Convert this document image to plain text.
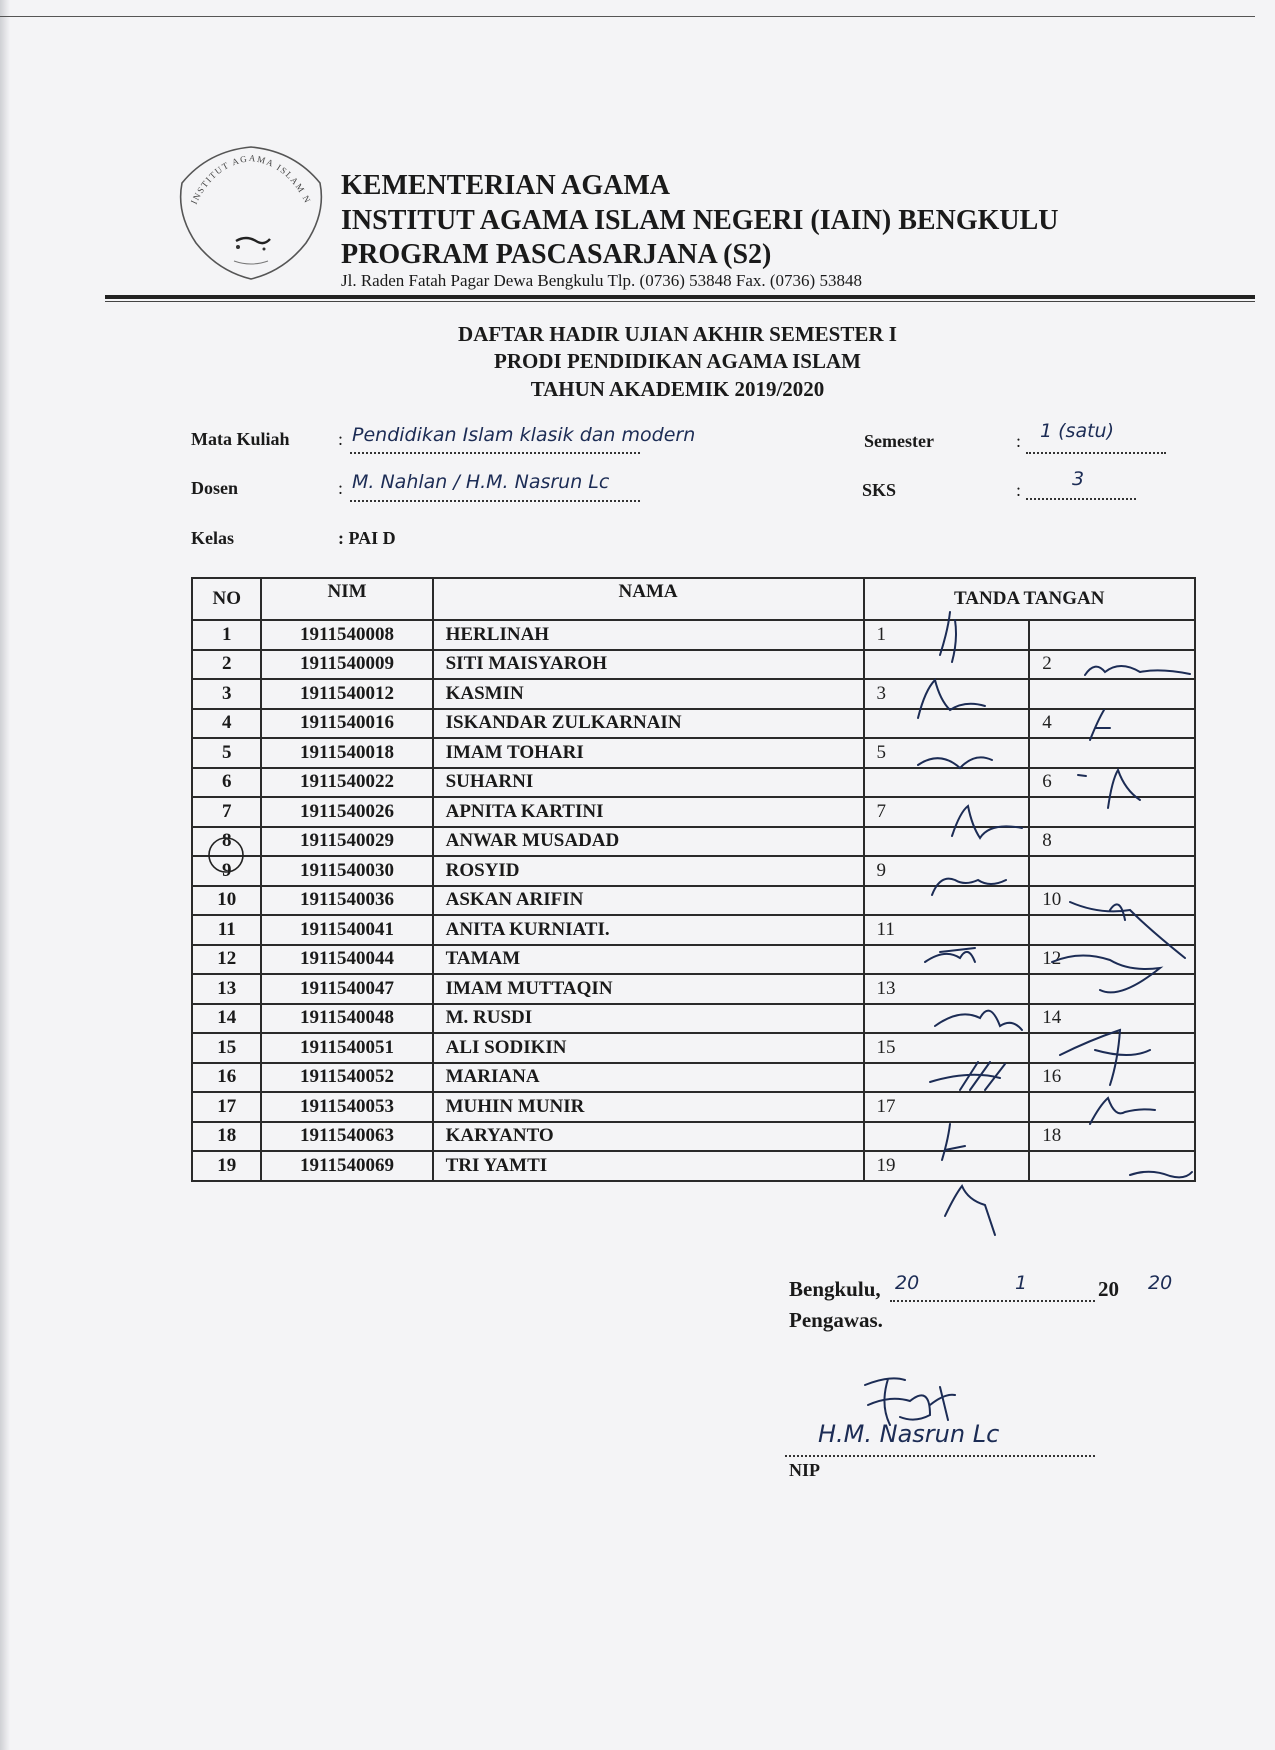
INSTITUT AGAMA ISLAM N KEMENTERIAN AGAMA
INSTITUT AGAMA ISLAM NEGERI (IAIN) BENGKULU
PROGRAM PASCASARJANA (S2)
Jl. Raden Fatah Pagar Dewa Bengkulu Tlp. (0736) 53848 Fax. (0736) 53848
DAFTAR HADIR UJIAN AKHIR SEMESTER I
PRODI PENDIDIKAN AGAMA ISLAM
TAHUN AKADEMIK 2019/2020
Mata Kuliah	: Pendidikan Islam klasik dan modern	Semester	: 1 (satu)
Dosen	: M. Nahlan / H.M. Nasrun Lc	SKS	:	3
Kelas	: PAI D
NO	NIM	NAMA	TANDA TANGAN	
1	1911540008	HERLINAH	1	
2	1911540009	SITI MAISYAROH		2
3	1911540012	KASMIN	3	
4	1911540016	ISKANDAR ZULKARNAIN		4
5	1911540018	IMAM TOHARI	5	
6	1911540022	SUHARNI		6
7	1911540026	APNITA KARTINI	7	
8	1911540029	ANWAR MUSADAD		8
9	1911540030	ROSYID	9	
10	1911540036	ASKAN ARIFIN		10
11	1911540041	ANITA KURNIATI.	11	
12	1911540044	TAMAM		12
13	1911540047	IMAM MUTTAQIN	13	
14	1911540048	M. RUSDI		14
15	1911540051	ALI SODIKIN	15	
16	1911540052	MARIANA		16
17	1911540053	MUHIN MUNIR	17	
18	1911540063	KARYANTO		18
19	1911540069	TRI YAMTI	19	
Bengkulu, 20	1	20 20
Pengawas.
H.M. Nasrun Lc
NIP
